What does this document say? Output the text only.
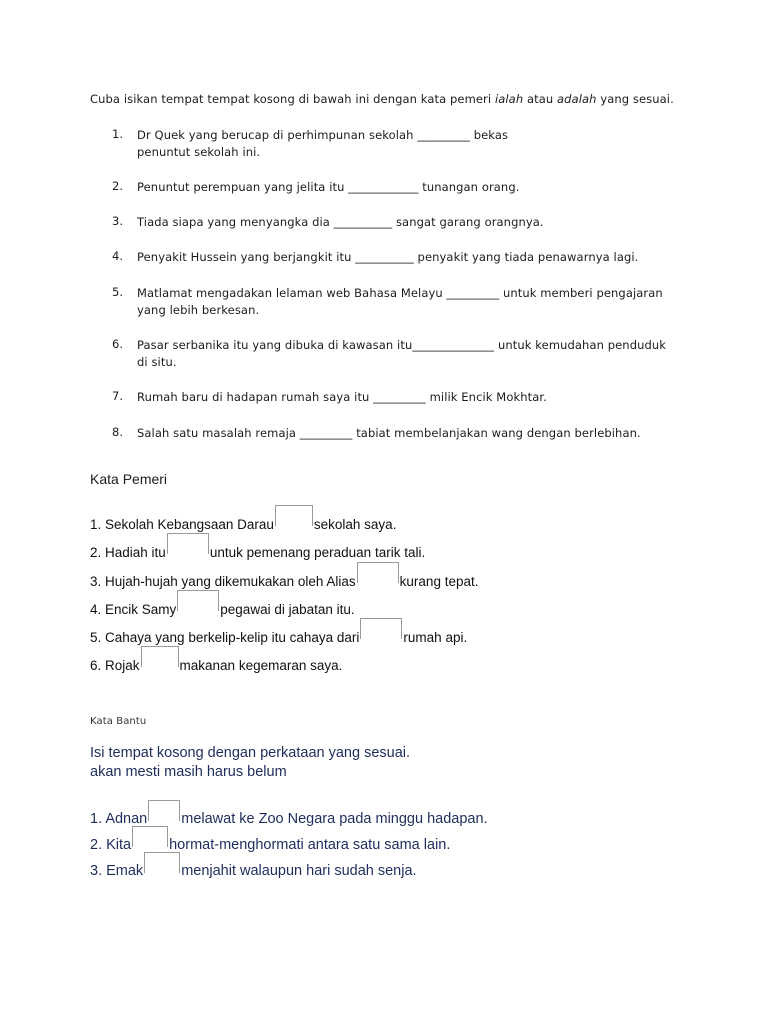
Cuba isikan tempat tempat kosong di bawah ini dengan kata pemeri ialah atau adalah yang sesuai.
1.	Dr Quek yang berucap di perhimpunan sekolah _________ bekas
penuntut sekolah ini.
2.	Penuntut perempuan yang jelita itu ____________ tunangan orang.
3.	Tiada siapa yang menyangka dia __________ sangat garang orangnya.
4.	Penyakit Hussein yang berjangkit itu __________ penyakit yang tiada penawarnya lagi.
5.	Matlamat mengadakan lelaman web Bahasa Melayu _________ untuk memberi pengajaran
yang lebih berkesan.
6.	Pasar serbanika itu yang dibuka di kawasan itu______________ untuk kemudahan penduduk
di situ.
7.	Rumah baru di hadapan rumah saya itu _________ milik Encik Mokhtar.
8.	Salah satu masalah remaja _________ tabiat membelanjakan wang dengan berlebihan.
Kata Pemeri
1. Sekolah Kebangsaan Darau	sekolah saya.
2. Hadiah itu	untuk pemenang peraduan tarik tali.
3. Hujah-hujah yang dikemukakan oleh Alias	kurang tepat.
4. Encik Samy	pegawai di jabatan itu.
5. Cahaya yang berkelip-kelip itu cahaya dari	rumah api.
6. Rojak	makanan kegemaran saya.
Kata Bantu
Isi tempat kosong dengan perkataan yang sesuai.
akan mesti masih harus belum
1. Adnan melawat ke Zoo Negara pada minggu hadapan.
2. Kita	hormat-menghormati antara satu sama lain.
3. Emak	menjahit walaupun hari sudah senja.
